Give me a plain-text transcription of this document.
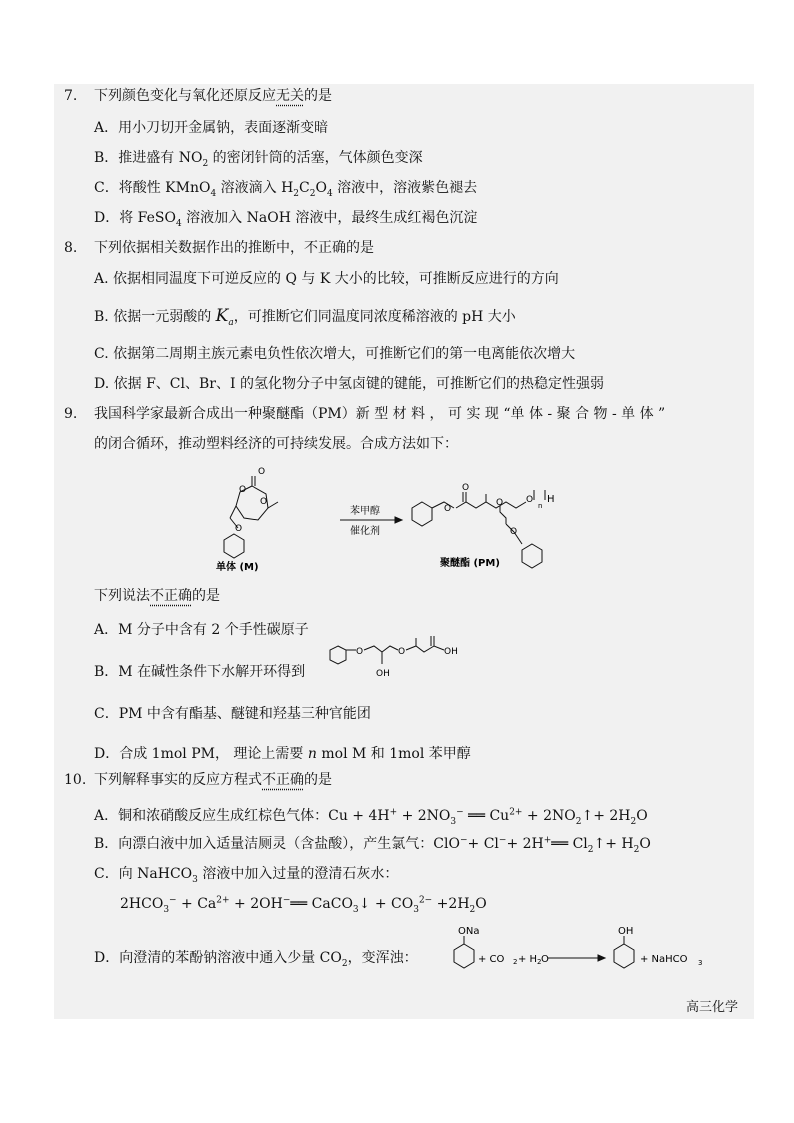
7. 下列颜色变化与氧化还原反应无关的是
A．用小刀切开金属钠，表面逐渐变暗
B．推进盛有 $NO_2$ 的密闭针筒的活塞，气体颜色变深
C．将酸性 KMnO$_4$ 溶液滴入 $H_2C_2O_4$ 溶液中，溶液紫色褪去
D．将 FeSO$_4$ 溶液加入 NaOH 溶液中，最终生成红褐色沉淀
8. 下列依据相关数据作出的推断中，不正确的是
A. 依据相同温度下可逆反应的 Q 与 K 大小的比较，可推断反应进行的方向
B. 依据一元弱酸的 $K_a$，可推断它们同温度同浓度稀溶液的 pH 大小
C. 依据第二周期主族元素电负性依次增大，可推断它们的第一电离能依次增大
D. 依据 F、Cl、Br、I 的氢化物分子中氢卤键的键能，可推断它们的热稳定性强弱
9. 我国科学家最新合成出一种聚醚酯（PM）新 型 材 料 ， 可 实 现 “单 体 - 聚 合 物 - 单 体 ”
的闭合循环，推动塑料经济的可持续发展。合成方法如下：
O
O
O
O
O
O
O	O H
n
O
苯甲醇
催化剂
单体 (M)	聚醚酯 (PM)
下列说法不正确的是
A．M 分子中含有 2 个手性碳原子
B．M 在碱性条件下水解开环得到
O	O
OH
OH
C．PM 中含有酯基、醚键和羟基三种官能团
D．合成 1mol PM， 理论上需要 n mol M 和 1mol 苯甲醇
10. 下列解释事实的反应方程式不正确的是
A．铜和浓硝酸反应生成红棕色气体：$Cu + 4H^+ + 2NO_3^-$ ══ $Cu^{2+}$ + $2NO_2↑+ 2H_2O$
B．向漂白液中加入适量洁厕灵（含盐酸），产生氯气：ClO−+ Cl−+ 2H+══ $Cl_2↑+ H_2O$
C．向 NaHCO$_3$ 溶液中加入过量的澄清石灰水：
$2HCO_3^- + Ca^{2+}$ + 2OH−══ CaCO$_3$↓ + $CO_3^{2-} +2H_2O$
D．向澄清的苯酚钠溶液中通入少量 $CO_2$，变浑浊：
ONa
+ CO 2 + H 2 O
OH
+ NaHCO 3
高三化学
